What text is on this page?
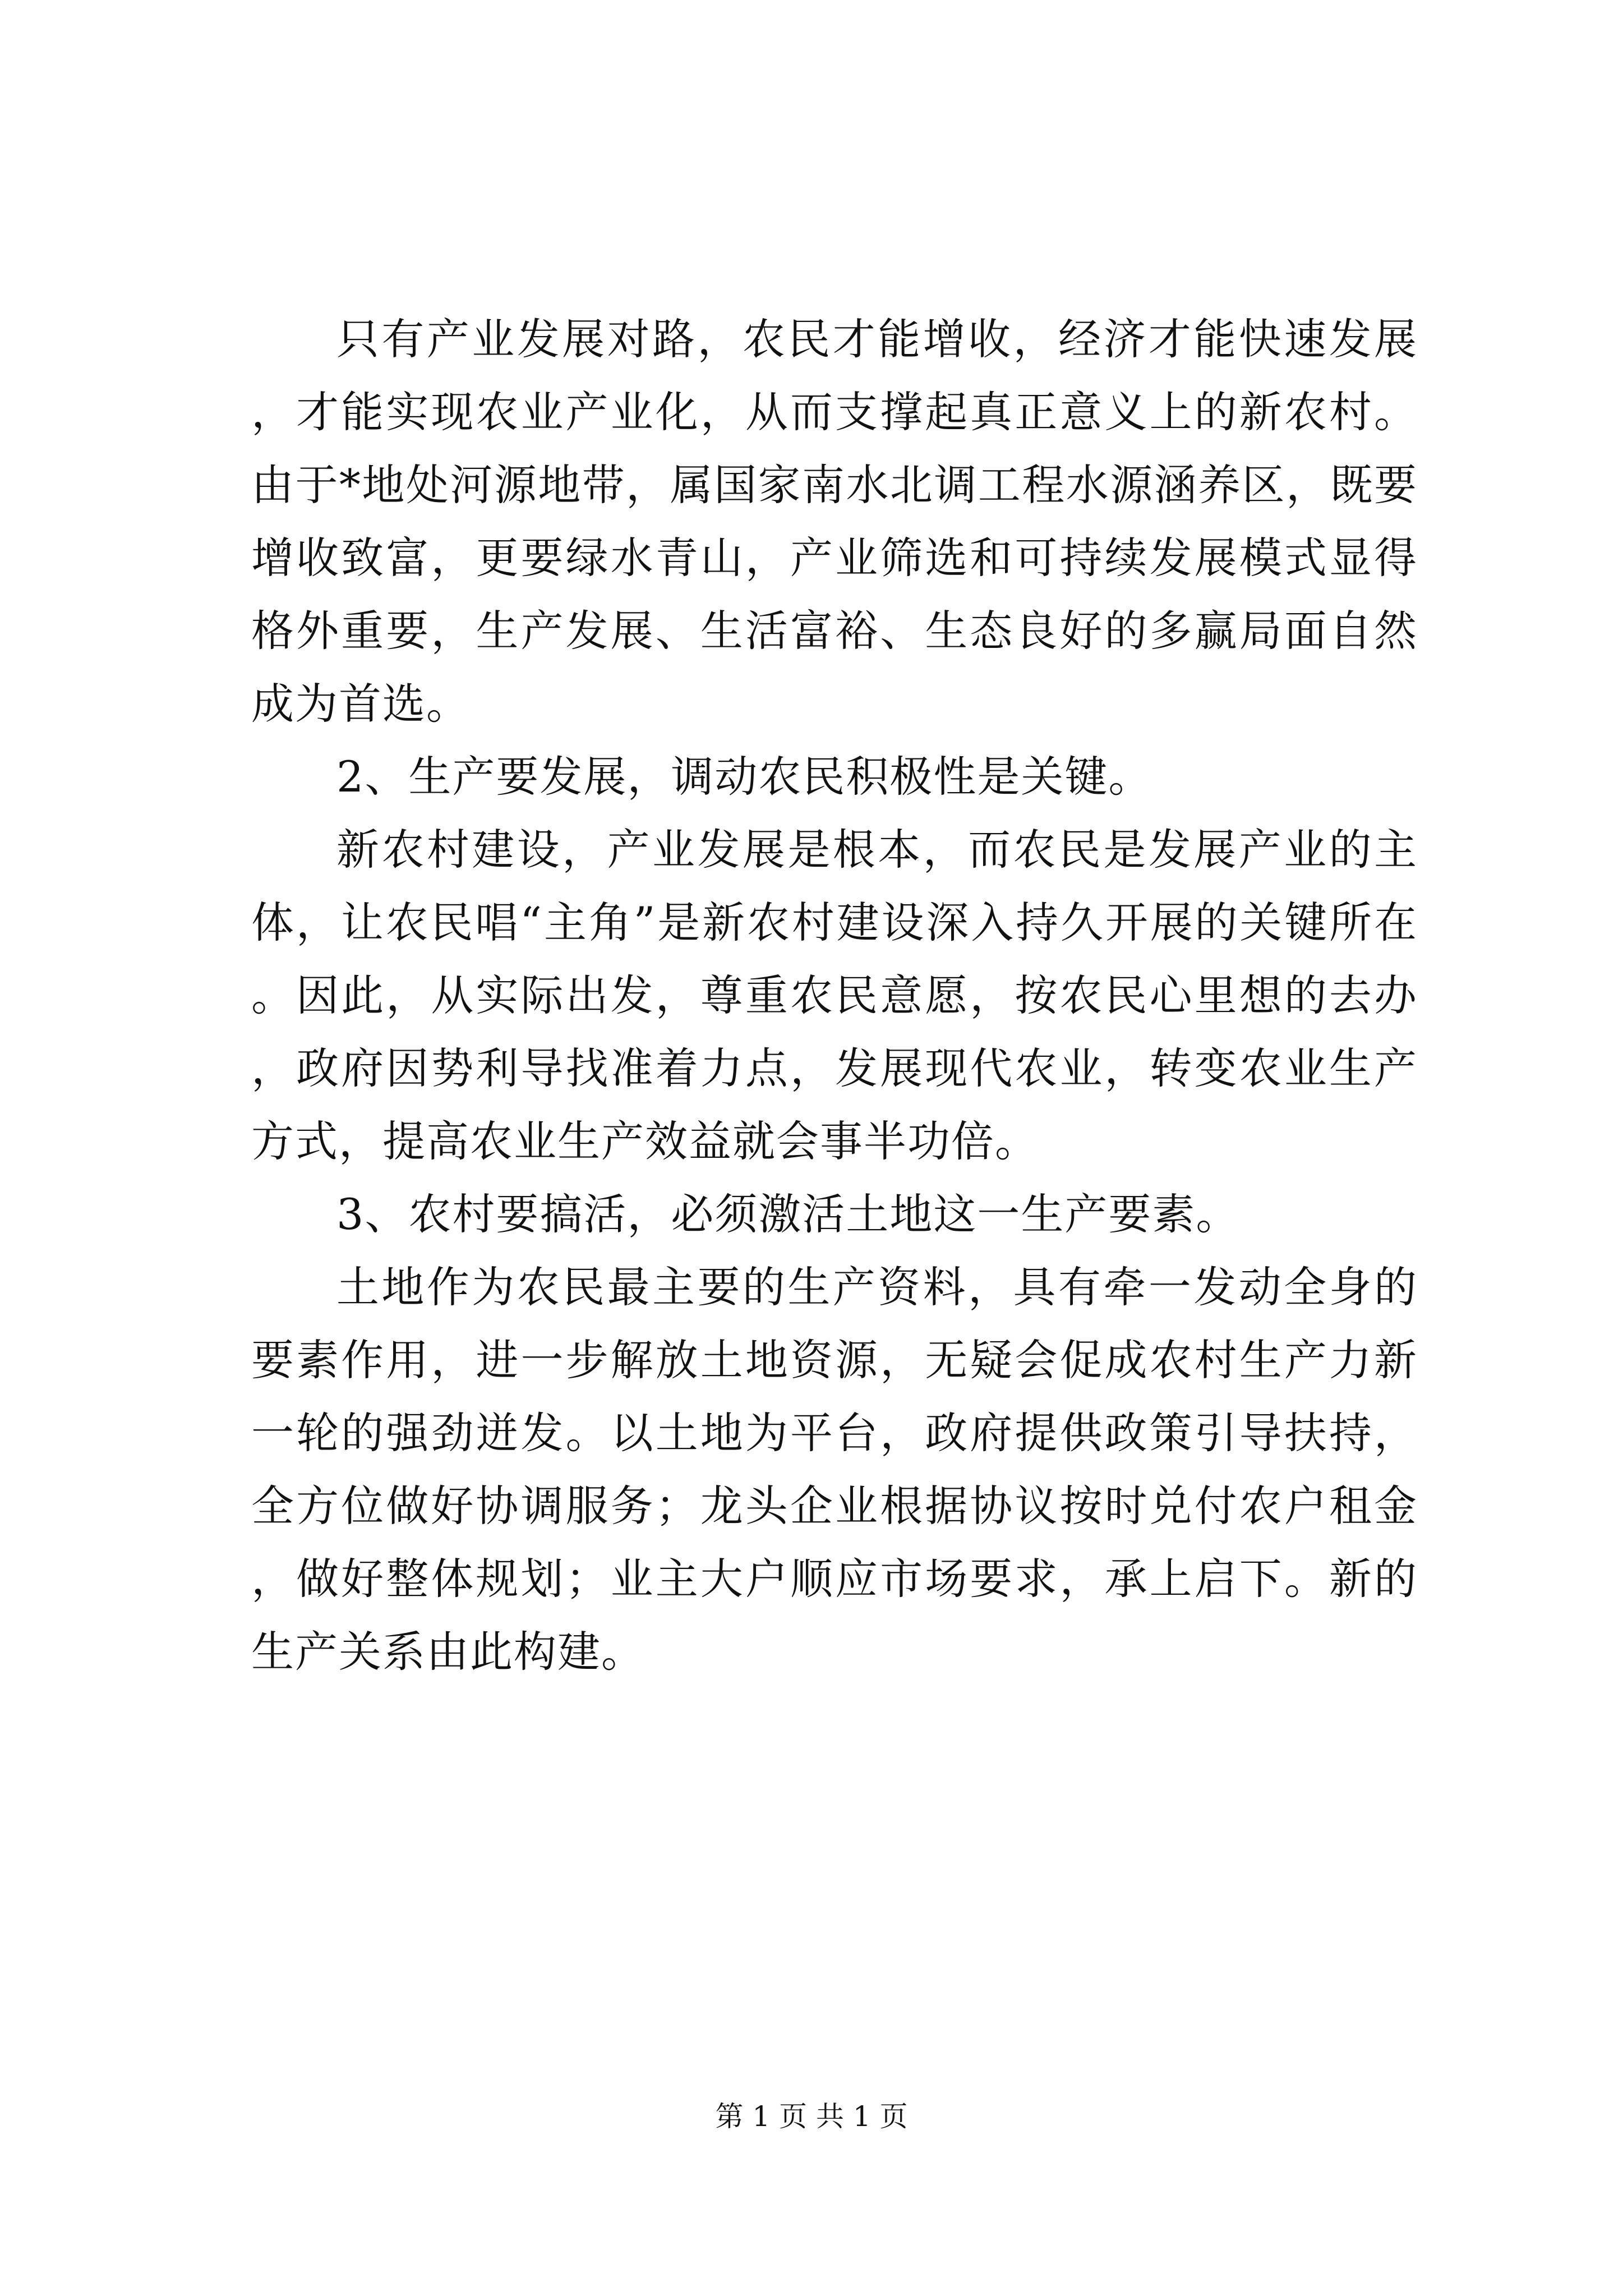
只有产业发展对路，农民才能增收，经济才能快速发展，才能实现农业产业化，从而支撑起真正意义上的新农村。由于*地处河源地带，属国家南水北调工程水源涵养区，既要增收致富，更要绿水青山，产业筛选和可持续发展模式显得格外重要，生产发展、生活富裕、生态良好的多赢局面自然成为首选。

2、生产要发展，调动农民积极性是关键。

新农村建设，产业发展是根本，而农民是发展产业的主体，让农民唱“主角”是新农村建设深入持久开展的关键所在。因此，从实际出发，尊重农民意愿，按农民心里想的去办，政府因势利导找准着力点，发展现代农业，转变农业生产方式，提高农业生产效益就会事半功倍。

3、农村要搞活，必须激活土地这一生产要素。

土地作为农民最主要的生产资料，具有牵一发动全身的要素作用，进一步解放土地资源，无疑会促成农村生产力新一轮的强劲迸发。以土地为平台，政府提供政策引导扶持，全方位做好协调服务；龙头企业根据协议按时兑付农户租金，做好整体规划；业主大户顺应市场要求，承上启下。新的生产关系由此构建。

第 1 页 共 1 页
